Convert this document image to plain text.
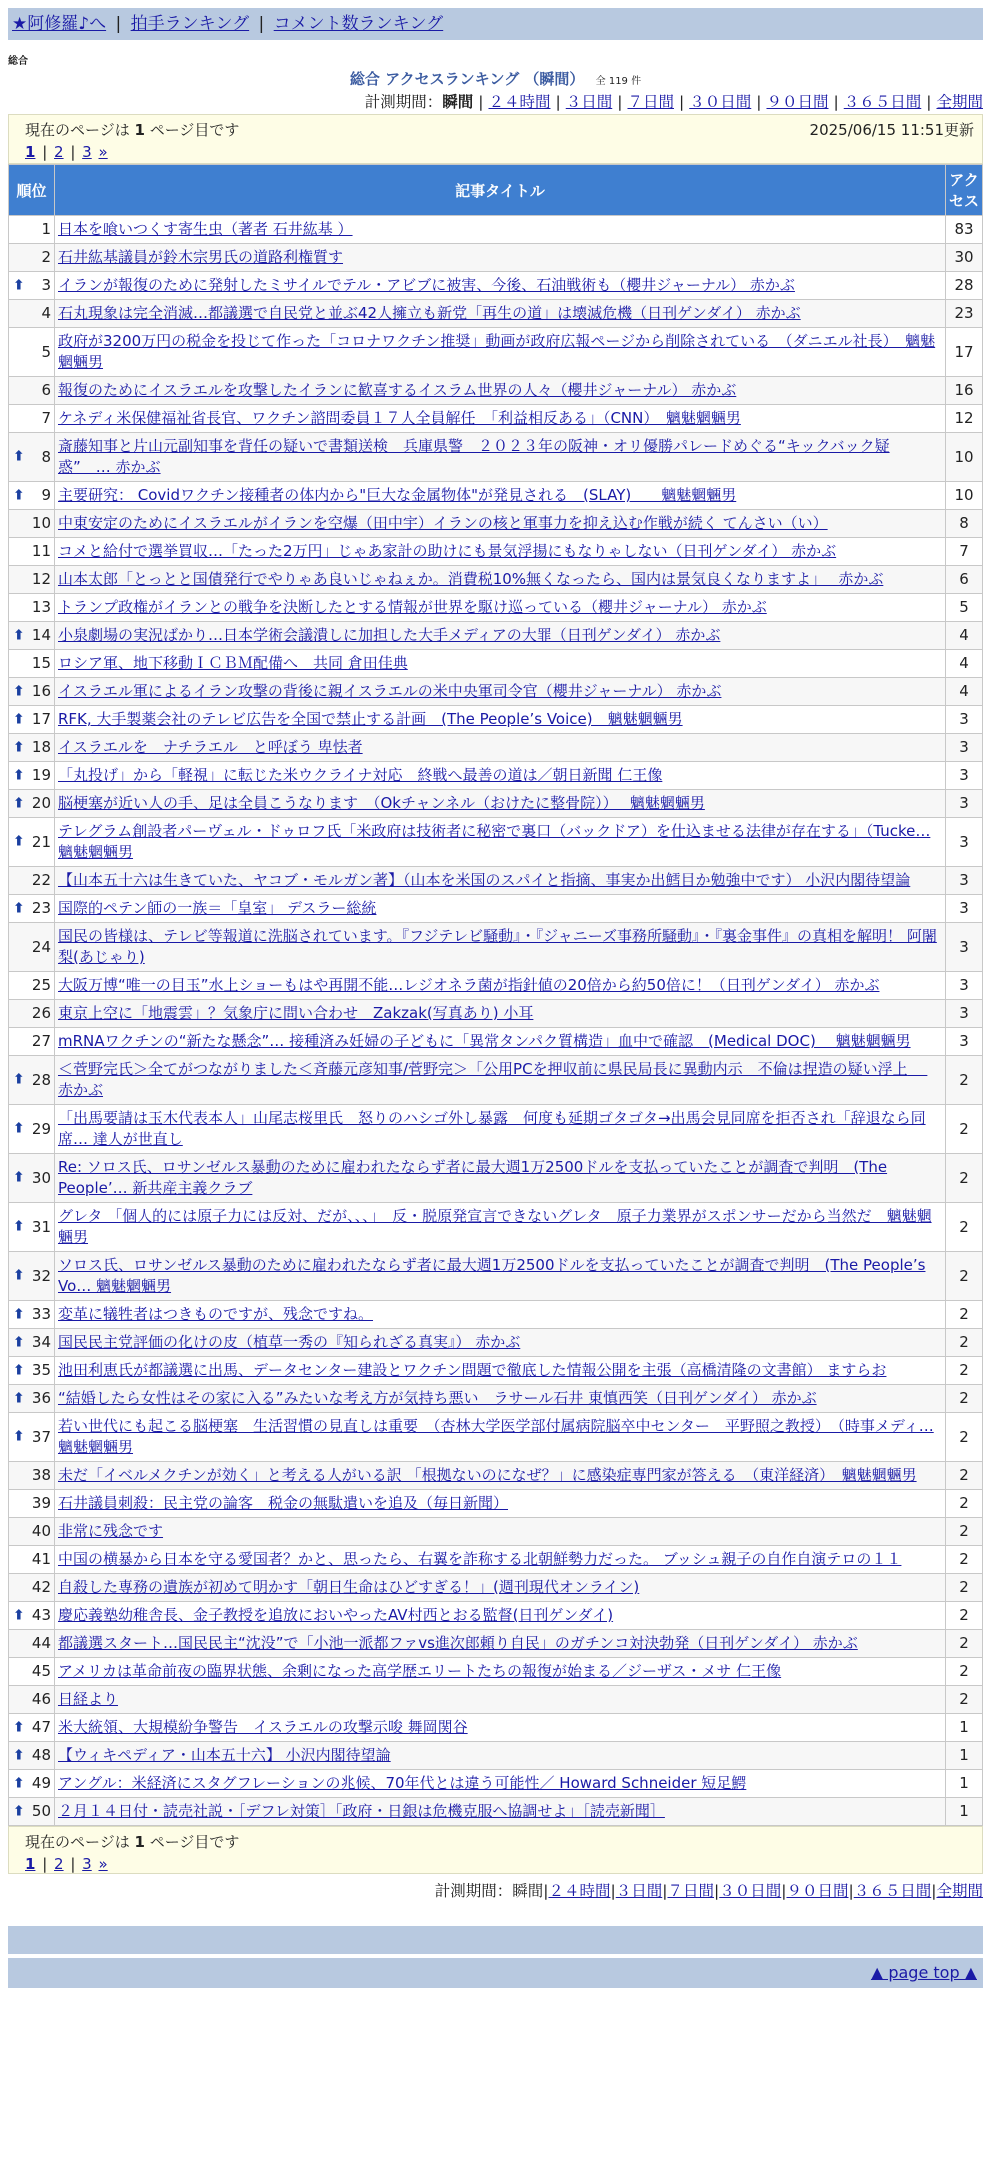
★阿修羅♪へ | 拍手ランキング | コメント数ランキング
総合
総合 アクセスランキング （瞬間） 全 119 件
計測期間：瞬間 | ２４時間 | ３日間 | ７日間 | ３０日間 | ９０日間 | ３６５日間 | 全期間
現在のページは 1 ページ目です	2025/06/15 11:51更新
1 | 2 | 3 »
順位	記事タイトル	アクセス
1	日本を喰いつくす寄生虫（著者 石井紘基 ）	83
2	石井紘基議員が鈴木宗男氏の道路利権質す	30

⬆ 3	イランが報復のために発射したミサイルでテル・アビブに被害、今後、石油戦術も（櫻井ジャーナル） 赤かぶ	28
4	石丸現象は完全消滅…都議選で自民党と並ぶ42人擁立も新党「再生の道」は壊滅危機（日刊ゲンダイ） 赤かぶ	23
5	政府が3200万円の税金を投じて作った「コロナワクチン推奨」動画が政府広報ページから削除されている　（ダニエル社長）　魑魅魍魎男	17
6	報復のためにイスラエルを攻撃したイランに歓喜するイスラム世界の人々（櫻井ジャーナル） 赤かぶ	16
7	ケネディ米保健福祉省長官、ワクチン諮問委員１７人全員解任　「利益相反ある」（CNN）　魑魅魍魎男	12

⬆ 8	斎藤知事と片山元副知事を背任の疑いで書類送検　兵庫県警　２０２３年の阪神・オリ優勝パレードめぐる“キックバック疑惑”　… 赤かぶ	10

⬆ 9	主要研究： Covidワクチン接種者の体内から"巨大な金属物体"が発見される　(SLAY)　　魑魅魍魎男	10
10	中東安定のためにイスラエルがイランを空爆（田中宇）イランの核と軍事力を抑え込む作戦が続く てんさい（い）	8
11	コメと給付で選挙買収…「たった2万円」じゃあ家計の助けにも景気浮揚にもなりゃしない（日刊ゲンダイ） 赤かぶ	7
12	山本太郎「とっとと国債発行でやりゃあ良いじゃねぇか。消費税10%無くなったら、国内は景気良くなりますよ」　 赤かぶ	6
13	トランプ政権がイランとの戦争を決断したとする情報が世界を駆け巡っている（櫻井ジャーナル） 赤かぶ	5

⬆ 14	小泉劇場の実況ばかり…日本学術会議潰しに加担した大手メディアの大罪（日刊ゲンダイ） 赤かぶ	4
15	ロシア軍、地下移動ＩＣＢＭ配備へ　共同 倉田佳典	4

⬆ 16	イスラエル軍によるイラン攻撃の背後に親イスラエルの米中央軍司令官（櫻井ジャーナル） 赤かぶ	4

⬆ 17	RFK, 大手製薬会社のテレビ広告を全国で禁止する計画　(The People’s Voice)　魑魅魍魎男	3

⬆ 18	イスラエルを　ナチラエル　と呼ぼう 卑怯者	3

⬆ 19	「丸投げ」から「軽視」に転じた米ウクライナ対応　終戦へ最善の道は／朝日新聞 仁王像	3

⬆ 20	脳梗塞が近い人の手、足は全員こうなります　（Okチャンネル（おけたに整骨院））　 魑魅魍魎男	3

⬆ 21	テレグラム創設者パーヴェル・ドゥロフ氏「米政府は技術者に秘密で裏口（バックドア）を仕込ませる法律が存在する」（Tucke… 魑魅魍魎男	3
22	【山本五十六は生きていた、ヤコブ・モルガン著】（山本を米国のスパイと指摘、事実か出鱈目か勉強中です） 小沢内閣待望論	3

⬆ 23	国際的ペテン師の一族＝「皇室」 デスラー総統	3
24	国民の皆様は、テレビ等報道に洗脳されています。『フジテレビ騒動』・『ジャニーズ事務所騒動』・『裏金事件』の真相を解明！ 阿闍梨(あじゃり)	3
25	大阪万博“唯一の目玉”水上ショーもはや再開不能…レジオネラ菌が指針値の20倍から約50倍に！（日刊ゲンダイ） 赤かぶ	3
26	東京上空に「地震雲」？気象庁に問い合わせ　Zakzak(写真あり) 小耳	3
27	mRNAワクチンの“新たな懸念”… 接種済み妊婦の子どもに「異常タンパク質構造」血中で確認　(Medical DOC)　 魑魅魍魎男	3

⬆ 28	＜菅野完氏＞全てがつながりました＜斉藤元彦知事/菅野完＞「公用PCを押収前に県民局長に異動内示　不倫は捏造の疑い浮上　 赤かぶ	2

⬆ 29	「出馬要請は玉木代表本人」山尾志桜里氏　怒りのハシゴ外し暴露　何度も延期ゴタゴタ→出馬会見同席を拒否され「辞退なら同席… 達人が世直し	2

⬆ 30	Re: ソロス氏、ロサンゼルス暴動のために雇われたならず者に最大週1万2500ドルを支払っていたことが調査で判明　(The People’… 新共産主義クラブ	2

⬆ 31	グレタ 「個人的には原子力には反対、だが、、、」　反・脱原発宣言できないグレタ　原子力業界がスポンサーだから当然だ　魑魅魍魎男	2

⬆ 32	ソロス氏、ロサンゼルス暴動のために雇われたならず者に最大週1万2500ドルを支払っていたことが調査で判明　(The People’s Vo… 魑魅魍魎男	2

⬆ 33	変革に犠牲者はつきものですが、残念ですね。	2

⬆ 34	国民民主党評価の化けの皮（植草一秀の『知られざる真実』） 赤かぶ	2

⬆ 35	池田利恵氏が都議選に出馬、データセンター建設とワクチン問題で徹底した情報公開を主張（高橋清隆の文書館） ますらお	2

⬆ 36	“結婚したら女性はその家に入る”みたいな考え方が気持ち悪い　ラサール石井 東慎西笑（日刊ゲンダイ） 赤かぶ	2

⬆ 37	若い世代にも起こる脳梗塞　生活習慣の見直しは重要　（杏林大学医学部付属病院脳卒中センター　平野照之教授）　（時事メディ… 魑魅魍魎男	2
38	未だ「イベルメクチンが効く」と考える人がいる訳 「根拠ないのになぜ？」に感染症専門家が答える　（東洋経済）　魑魅魍魎男	2
39	石井議員刺殺：民主党の論客　税金の無駄遣いを追及（毎日新聞）	2
40	非常に残念です	2
41	中国の横暴から日本を守る愛国者？かと、思ったら、右翼を詐称する北朝鮮勢力だった。 ブッシュ親子の自作自演テロの１１	2
42	自殺した専務の遺族が初めて明かす「朝日生命はひどすぎる！」(週刊現代オンライン)	2

⬆ 43	慶応義塾幼稚舎長、金子教授を追放においやったAV村西とおる監督(日刊ゲンダイ)	2
44	都議選スタート…国民民主“沈没”で「小池一派都ファvs進次郎頼り自民」のガチンコ対決勃発（日刊ゲンダイ） 赤かぶ	2
45	アメリカは革命前夜の臨界状態、余剰になった高学歴エリートたちの報復が始まる／ジーザス・メサ 仁王像	2
46	日経より	2

⬆ 47	米大統領、大規模紛争警告　イスラエルの攻撃示唆 舞岡関谷	1

⬆ 48	【ウィキペディア・山本五十六】 小沢内閣待望論	1

⬆ 49	アングル：米経済にスタグフレーションの兆候、70年代とは違う可能性／ Howard Schneider 短足鰐	1

⬆ 50	２月１４日付・読売社説・［デフレ対策］「政府・日銀は危機克服へ協調せよ」［読売新聞］	1
現在のページは 1 ページ目です
1 | 2 | 3 »
計測期間：瞬間|２４時間|３日間|７日間|３０日間|９０日間|３６５日間|全期間
▲ page top ▲
